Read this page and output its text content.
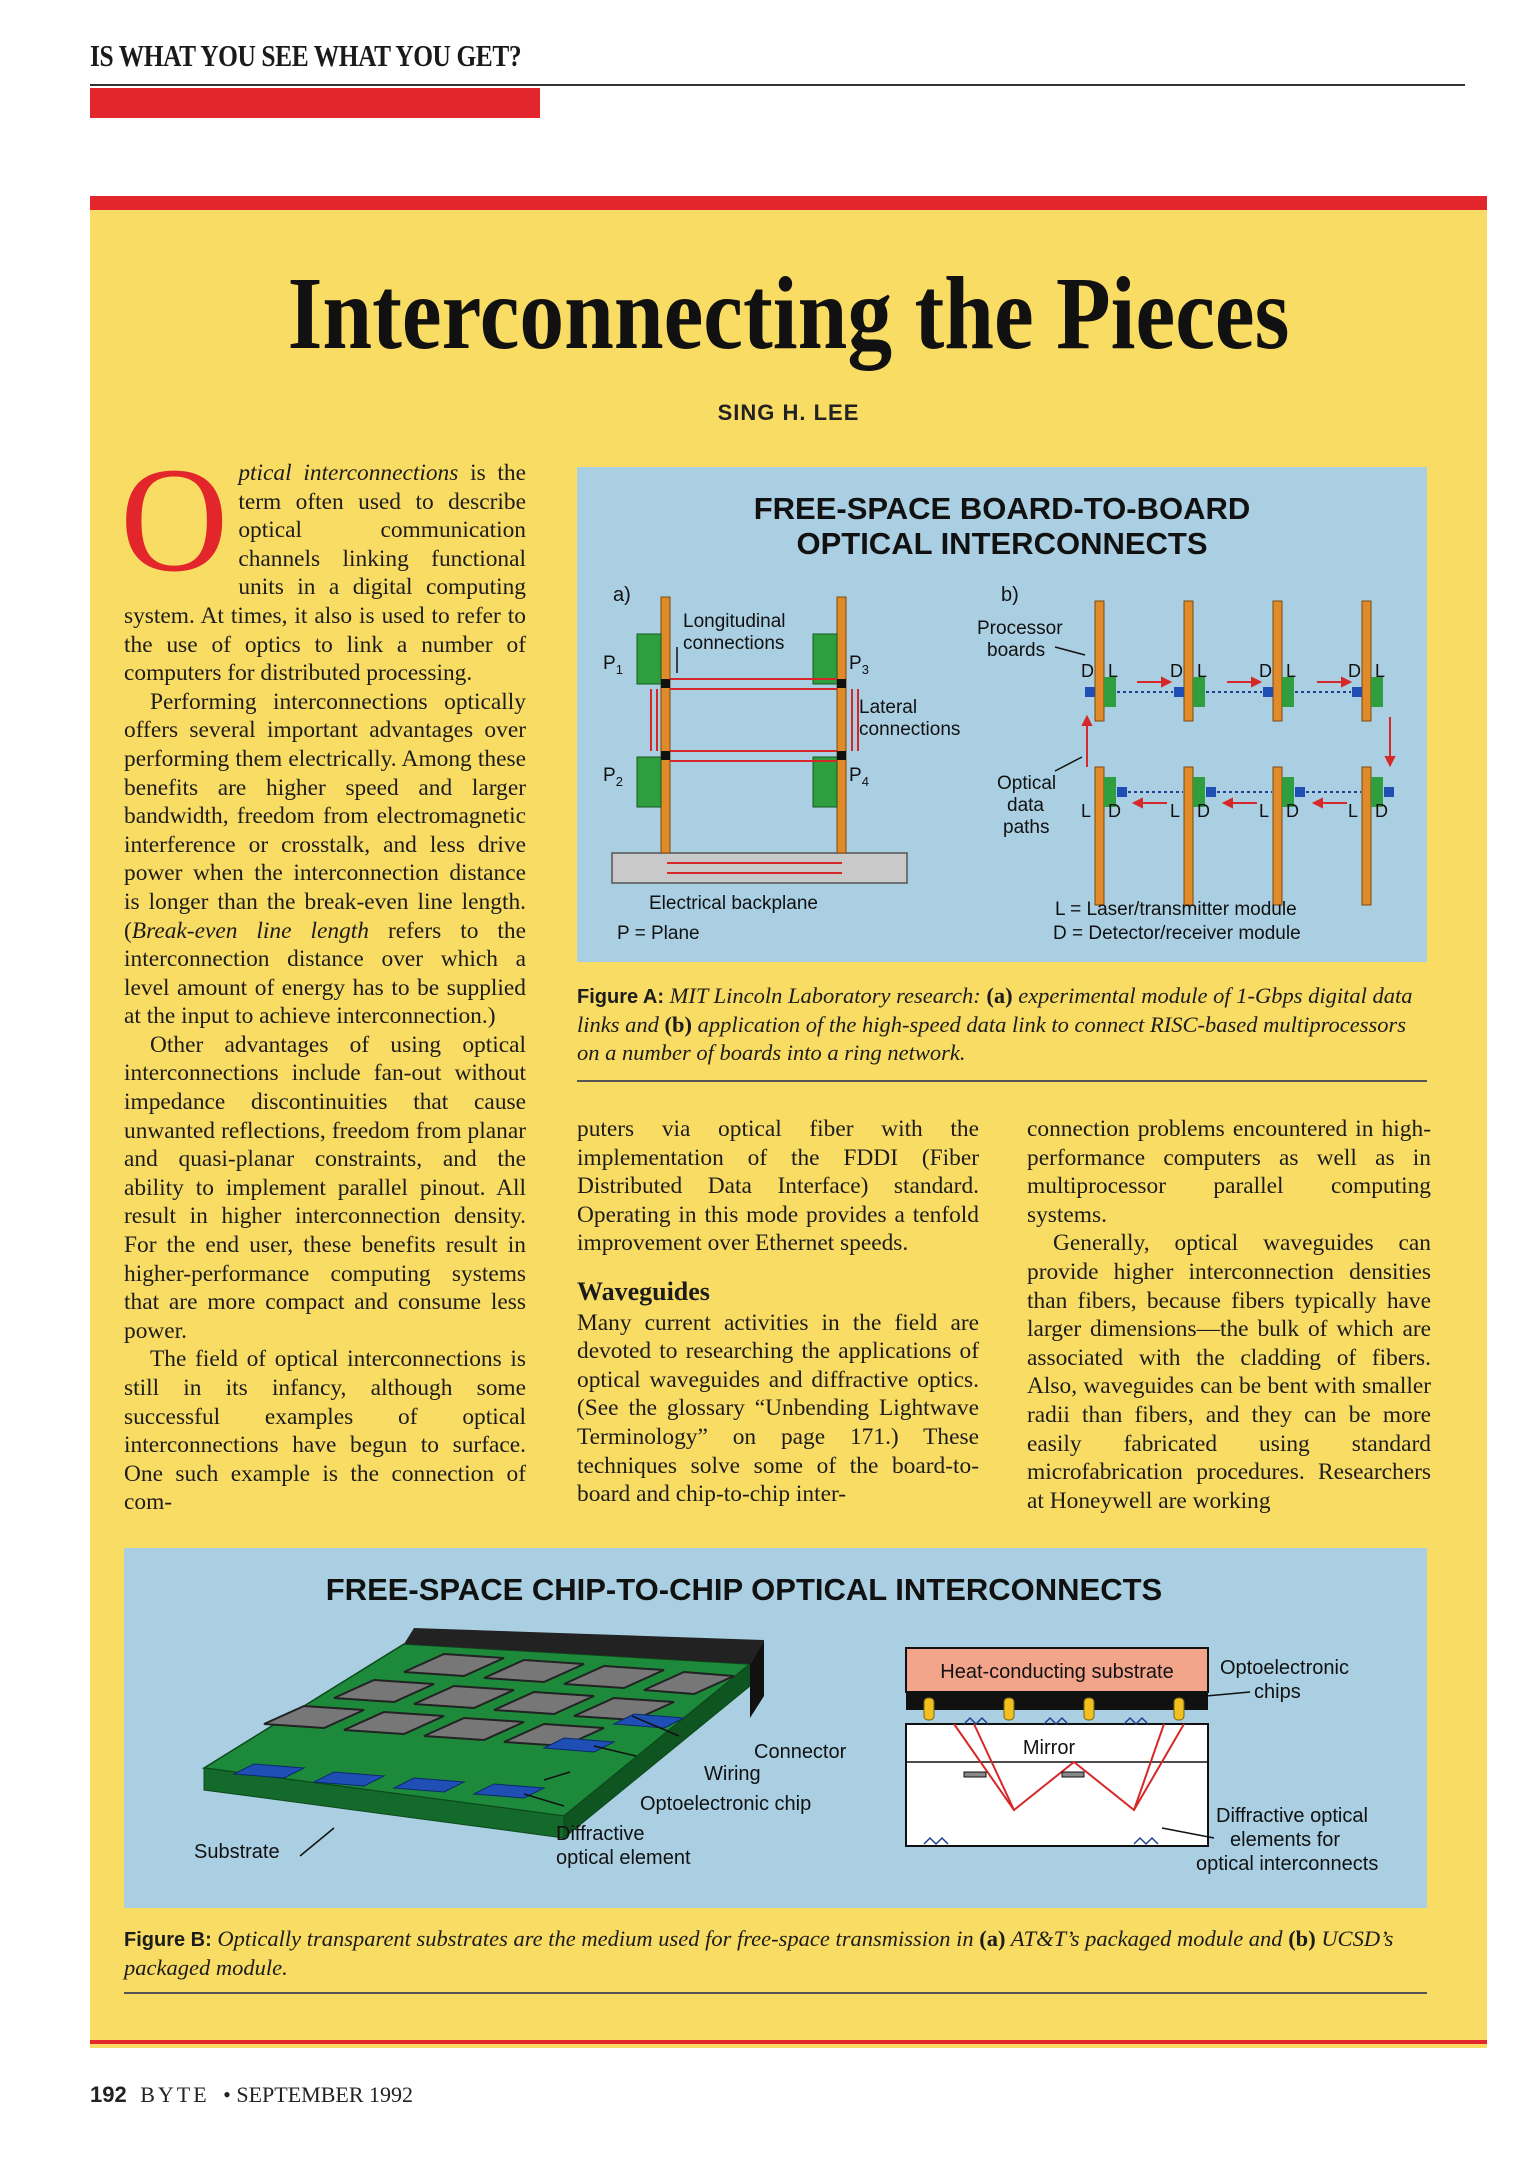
IS WHAT YOU SEE WHAT YOU GET?
Interconnecting the Pieces
SING H. LEE

Optical interconnections is the term often used to describe optical communication channels linking functional units in a digital computing system. At times, it also is used to refer to the use of optics to link a number of computers for distributed processing.

Performing interconnections optically offers several important advantages over performing them electrically. Among these benefits are higher speed and larger bandwidth, freedom from electromagnetic interference or crosstalk, and less drive power when the interconnection distance is longer than the break-even line length. (Break-even line length refers to the interconnection distance over which a level amount of energy has to be supplied at the input to achieve interconnection.)

Other advantages of using optical interconnections include fan-out without impedance discontinuities that cause unwanted reflections, freedom from planar and quasi-planar constraints, and the ability to implement parallel pinout. All result in higher interconnection density. For the end user, these benefits result in higher-performance computing systems that are more compact and consume less power.

The field of optical interconnections is still in its infancy, although some successful examples of optical interconnections have begun to surface. One such example is the connection of com-

puters via optical fiber with the implementation of the FDDI (Fiber Distributed Data Interface) standard. Operating in this mode provides a tenfold improvement over Ethernet speeds.

Waveguides

Many current activities in the field are devoted to researching the applications of optical waveguides and diffractive optics. (See the glossary “Unbending Lightwave Terminology” on page 171.) These techniques solve some of the board-to-board and chip-to-chip inter-

connection problems encountered in high-performance computers as well as in multiprocessor parallel computing systems.

Generally, optical waveguides can provide higher interconnection densities than fibers, because fibers typically have larger dimensions—the bulk of which are associated with the cladding of fibers. Also, waveguides can be bent with smaller radii than fibers, and they can be more easily fabricated using standard microfabrication procedures. Researchers at Honeywell are working

FREE-SPACE BOARD-TO-BOARD
OPTICAL INTERCONNECTS
a)
Longitudinal
connections
Lateral
connections
$P_1$
$P_2$
$P_3$
$P_4$
Electrical backplane
P = Plane
b)
Processor
boards
D L	D L	D L	D L
L D	L D	L D	L D
Optical
data
paths
L = Laser/transmitter module
D = Detector/receiver module
Figure A: MIT Lincoln Laboratory research: (a) experimental module of 1-Gbps digital data links and (b) application of the high-speed data link to connect RISC-based multiprocessors on a number of boards into a ring network.
FREE-SPACE CHIP-TO-CHIP OPTICAL INTERCONNECTS
Connector
Wiring
Optoelectronic chip
Diffractive
optical element
Substrate
Heat-conducting substrate
Mirror
Optoelectronic
chips
Diffractive optical
elements for
optical interconnects
Figure B: Optically transparent substrates are the medium used for free-space transmission in (a) AT&T’s packaged module and (b) UCSD’s packaged module.
192 BYTE • SEPTEMBER 1992
